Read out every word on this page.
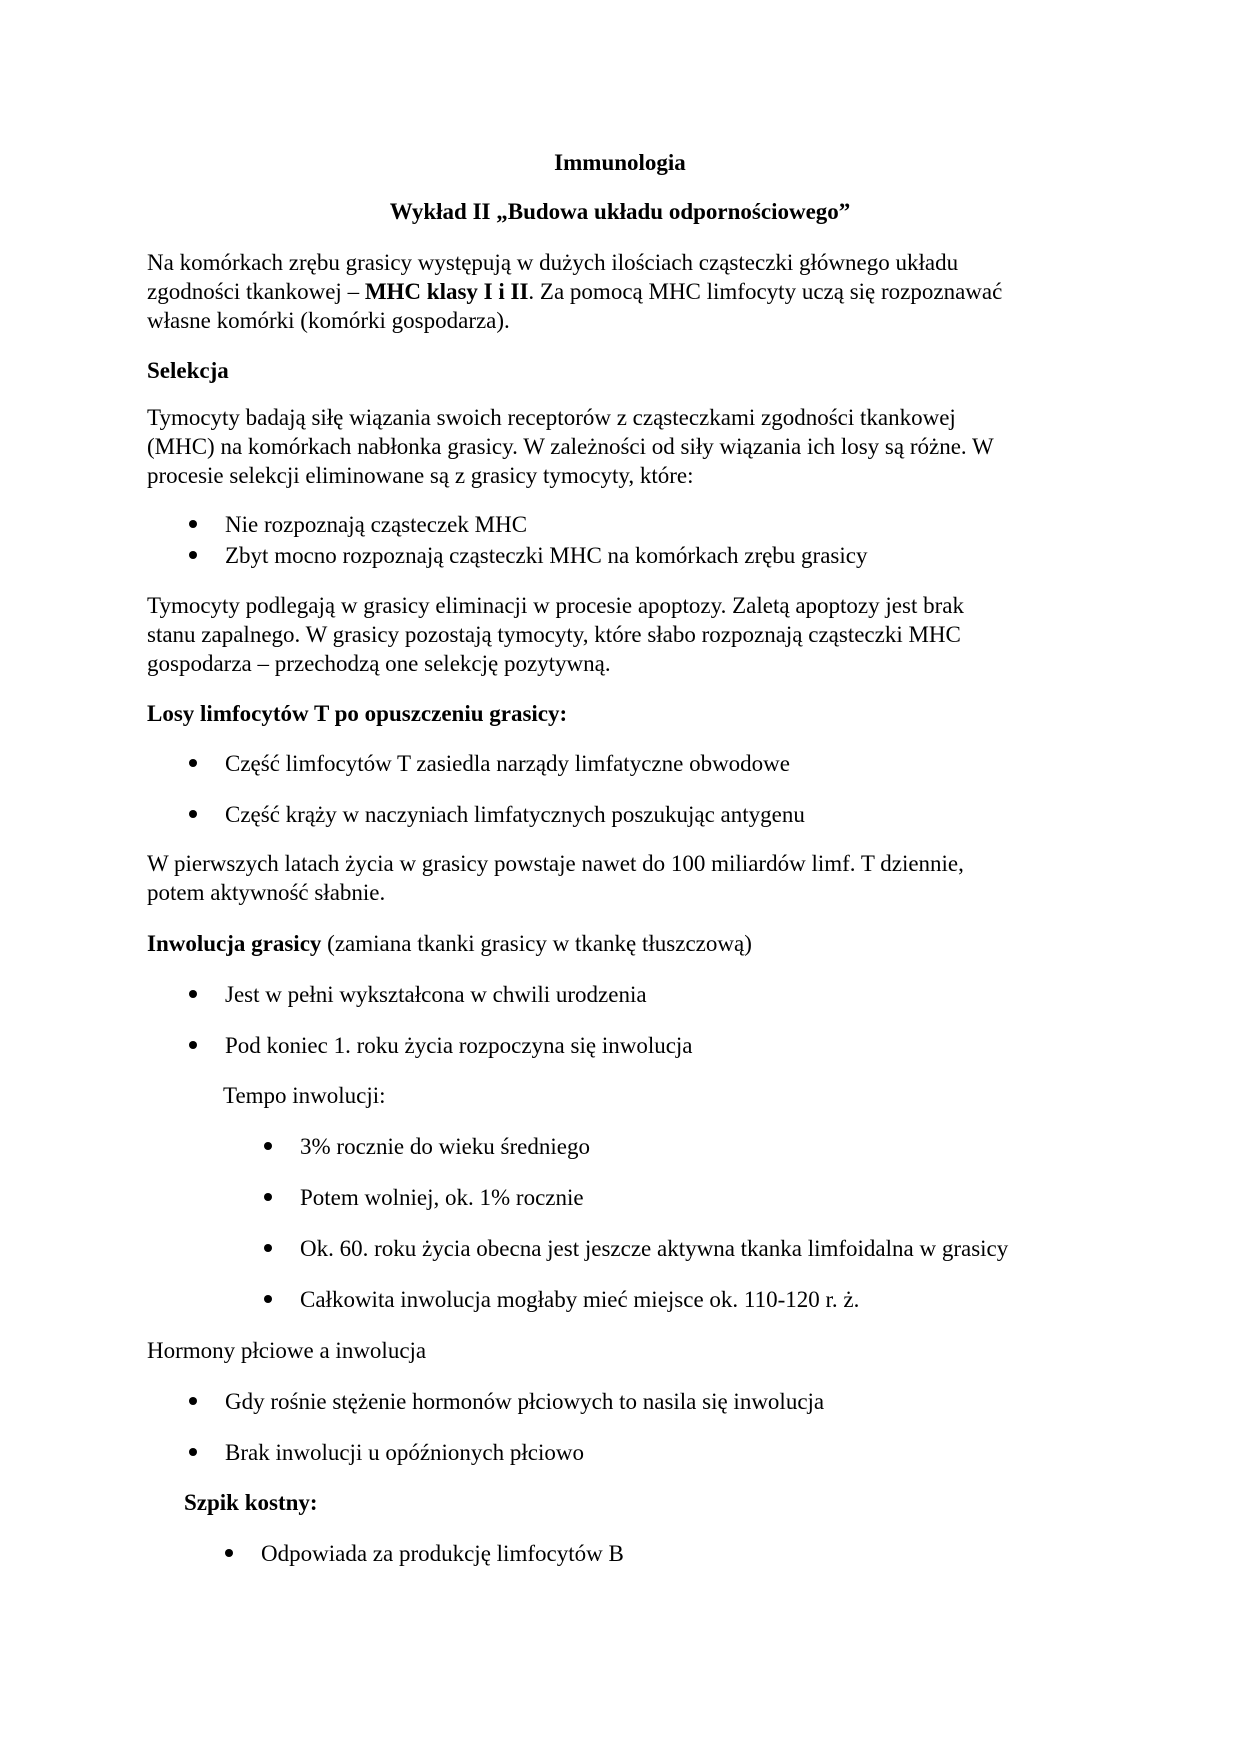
Immunologia

Wykład II „Budowa układu odpornościowego”

Na komórkach zrębu grasicy występują w dużych ilościach cząsteczki głównego układu
zgodności tkankowej – MHC klasy I i II. Za pomocą MHC limfocyty uczą się rozpoznawać
własne komórki (komórki gospodarza).

Selekcja

Tymocyty badają siłę wiązania swoich receptorów z cząsteczkami zgodności tkankowej
(MHC) na komórkach nabłonka grasicy. W zależności od siły wiązania ich losy są różne. W
procesie selekcji eliminowane są z grasicy tymocyty, które:
Nie rozpoznają cząsteczek MHC
Zbyt mocno rozpoznają cząsteczki MHC na komórkach zrębu grasicy
Tymocyty podlegają w grasicy eliminacji w procesie apoptozy. Zaletą apoptozy jest brak
stanu zapalnego. W grasicy pozostają tymocyty, które słabo rozpoznają cząsteczki MHC
gospodarza – przechodzą one selekcję pozytywną.

Losy limfocytów T po opuszczeniu grasicy:

Część limfocytów T zasiedla narządy limfatyczne obwodowe
Część krąży w naczyniach limfatycznych poszukując antygenu
W pierwszych latach życia w grasicy powstaje nawet do 100 miliardów limf. T dziennie,
potem aktywność słabnie.

Inwolucja grasicy (zamiana tkanki grasicy w tkankę tłuszczową)

Jest w pełni wykształcona w chwili urodzenia
Pod koniec 1. roku życia rozpoczyna się inwolucja

Tempo inwolucji:

3% rocznie do wieku średniego
Potem wolniej, ok. 1% rocznie
Ok. 60. roku życia obecna jest jeszcze aktywna tkanka limfoidalna w grasicy
Całkowita inwolucja mogłaby mieć miejsce ok. 110-120 r. ż.

Hormony płciowe a inwolucja

Gdy rośnie stężenie hormonów płciowych to nasila się inwolucja
Brak inwolucji u opóźnionych płciowo

Szpik kostny:

Odpowiada za produkcję limfocytów B
